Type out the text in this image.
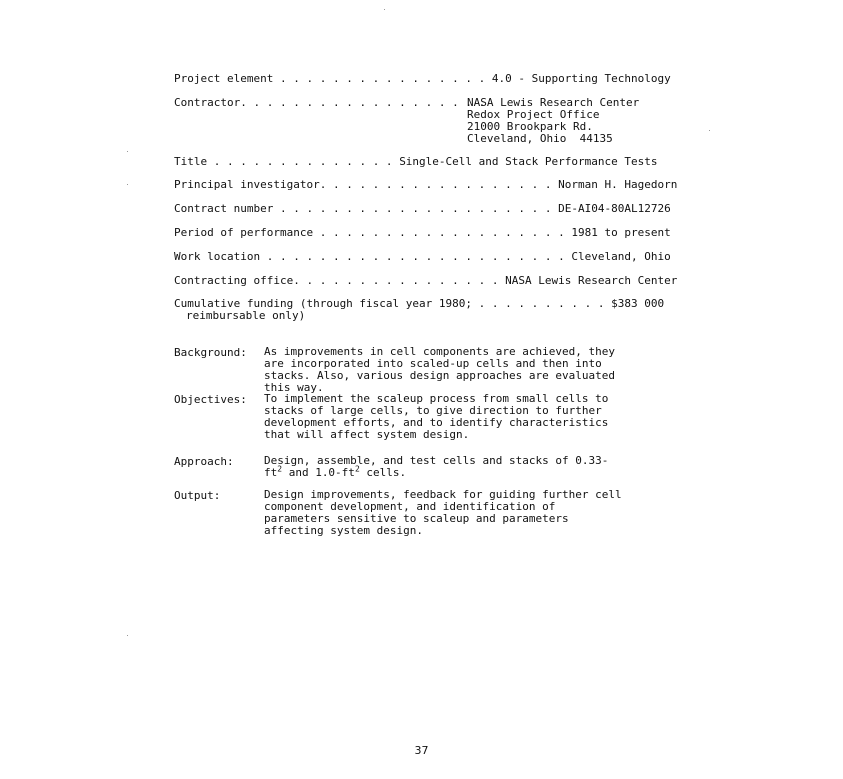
Project element . . . . . . . . . . . . . . . . 4.0 - Supporting Technology
Contractor. . . . . . . . . . . . . . . . . . .
NASA Lewis Research Center
Redox Project Office
21000 Brookpark Rd.
Cleveland, Ohio  44135
Title . . . . . . . . . . . . . . Single-Cell and Stack Performance Tests
Principal investigator. . . . . . . . . . . . . . . . . . Norman H. Hagedorn
Contract number . . . . . . . . . . . . . . . . . . . . . DE-AI04-80AL12726
Period of performance . . . . . . . . . . . . . . . . . . . 1981 to present
Work location . . . . . . . . . . . . . . . . . . . . . . . Cleveland, Ohio
Contracting office. . . . . . . . . . . . . . . . NASA Lewis Research Center
Cumulative funding (through fiscal year 1980; . . . . . . . . . . $383 000
reimbursable only)
Background: As improvements in cell components are achieved, they are incorporated into scaled-up cells and then into stacks. Also, various design approaches are evaluated this way.
Objectives: To implement the scaleup process from small cells to stacks of large cells, to give direction to further development efforts, and to identify characteristics that will affect system design.
Approach:	Design, assemble, and test cells and stacks of $0.33-ft^2$ and $1.0-ft^2$ cells.
Output:	Design improvements, feedback for guiding further cell component development, and identification of parameters sensitive to scaleup and parameters affecting system design.
37
